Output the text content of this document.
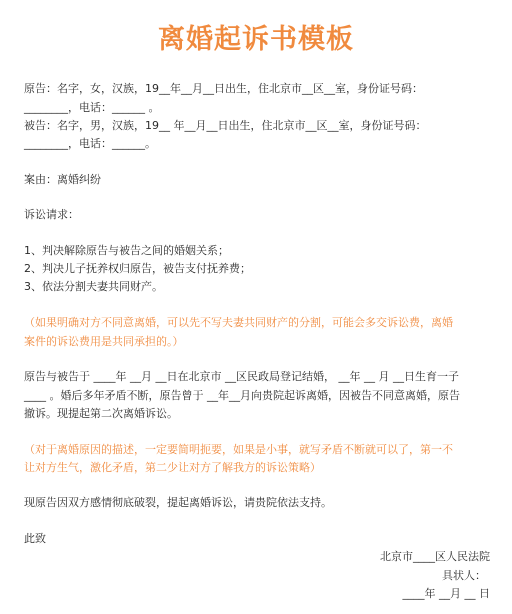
离婚起诉书模板
原告：名字，女，汉族，19__年__月__日出生，住北京市__区__室，身份证号码：
________，电话：______ 。
被告：名字，男，汉族，19__ 年__月__日出生，住北京市__区__室，身份证号码：
________，电话：______。
案由：离婚纠纷
诉讼请求：
1、判决解除原告与被告之间的婚姻关系；
2、判决儿子抚养权归原告，被告支付抚养费；
3、依法分割夫妻共同财产。
（如果明确对方不同意离婚，可以先不写夫妻共同财产的分割，可能会多交诉讼费，离婚
案件的诉讼费用是共同承担的。）
原告与被告于 ____年 __月 __日在北京市 __区民政局登记结婚， __年 __ 月 __日生育一子
____ 。婚后多年矛盾不断，原告曾于 __年__月向贵院起诉离婚，因被告不同意离婚，原告
撤诉。现提起第二次离婚诉讼。
（对于离婚原因的描述，一定要简明扼要，如果是小事，就写矛盾不断就可以了，第一不
让对方生气，激化矛盾，第二少让对方了解我方的诉讼策略）
现原告因双方感情彻底破裂，提起离婚诉讼，请贵院依法支持。
此致
北京市____区人民法院
具状人：
____年 __月 __ 日
